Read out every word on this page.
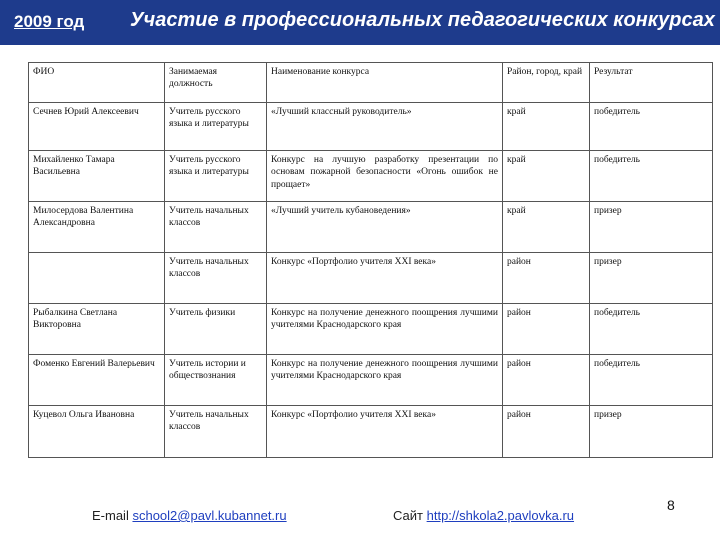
2009 год Участие в профессиональных педагогических конкурсах
ФИО	Занимаемая должность	Наименование конкурса	Район, город, край	Результат
Сечнев Юрий Алексеевич	Учитель русского языка и литературы	«Лучший классный руководитель»	край	победитель
Михайленко Тамара Васильевна	Учитель русского языка и литературы	Конкурс на лучшую разработку презентации по основам пожарной безопасности «Огонь ошибок не прощает»	край	победитель
Милосердова Валентина Александровна	Учитель начальных классов	«Лучший учитель кубановедения»	край	призер
	Учитель начальных классов	Конкурс «Портфолио учителя XXI века»	район	призер
Рыбалкина Светлана Викторовна	Учитель физики	Конкурс на получение денежного поощрения лучшими учителями Краснодарского края	район	победитель
Фоменко Евгений Валерьевич	Учитель истории и обществознания	Конкурс на получение денежного поощрения лучшими учителями Краснодарского края	район	победитель
Куцевол Ольга Ивановна	Учитель начальных классов	Конкурс «Портфолио учителя XXI века»	район	призер
E-mail school2@pavl.kubannet.ru	Сайт http://shkola2.pavlovka.ru
8
